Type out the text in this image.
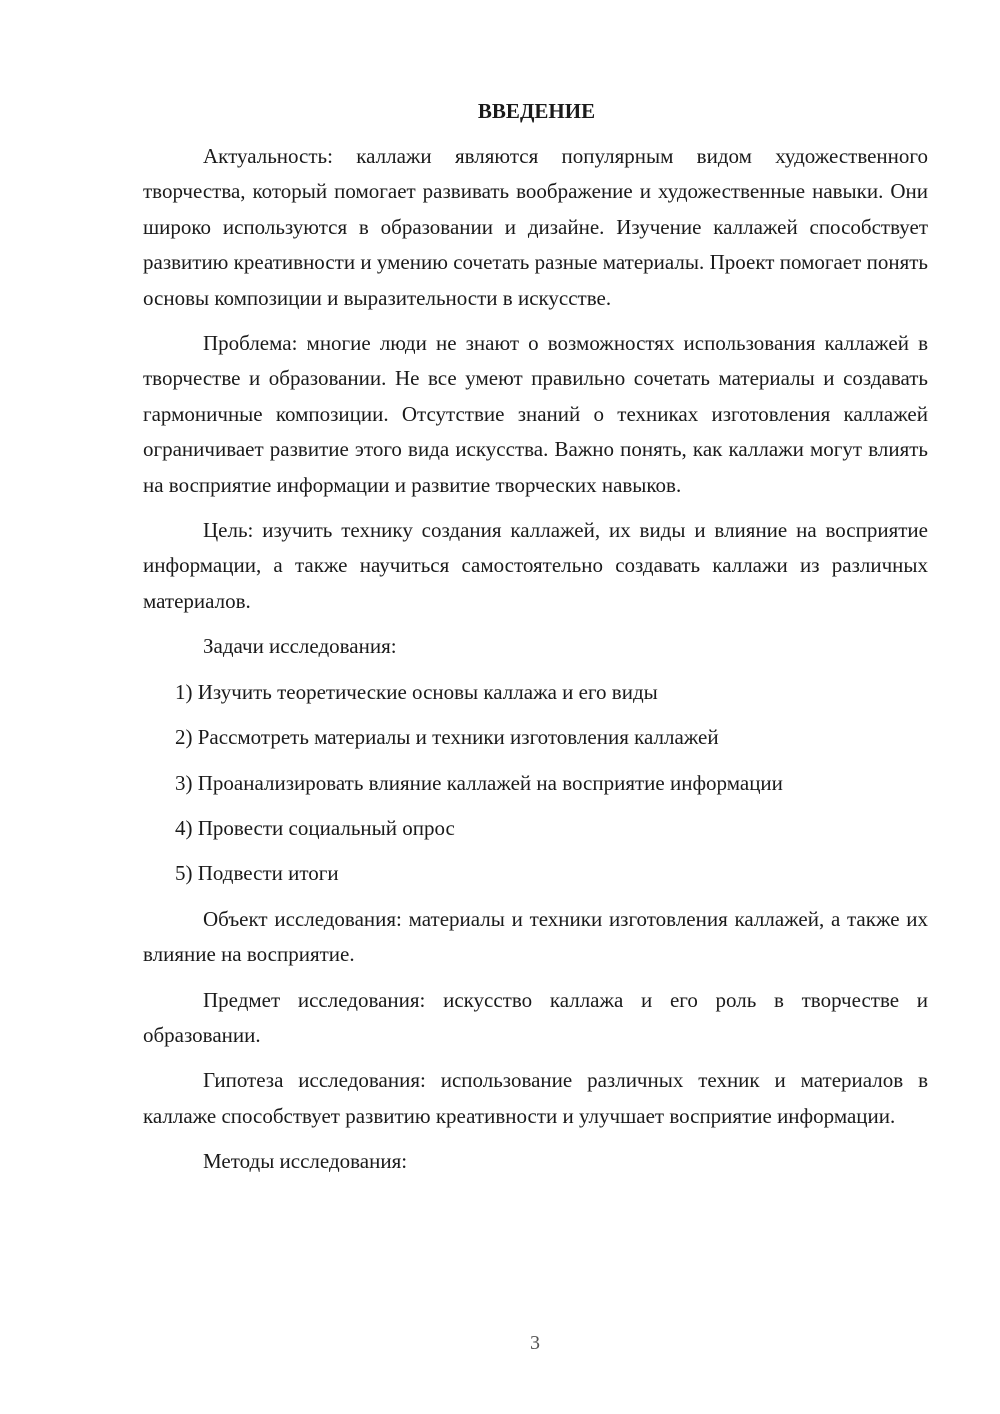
ВВЕДЕНИЕ

Актуальность: каллажи являются популярным видом художественного творчества, который помогает развивать воображение и художественные навыки. Они широко используются в образовании и дизайне. Изучение каллажей способствует развитию креативности и умению сочетать разные материалы. Проект помогает понять основы композиции и выразительности в искусстве.

Проблема: многие люди не знают о возможностях использования каллажей в творчестве и образовании. Не все умеют правильно сочетать материалы и создавать гармоничные композиции. Отсутствие знаний о техниках изготовления каллажей ограничивает развитие этого вида искусства. Важно понять, как каллажи могут влиять на восприятие информации и развитие творческих навыков.

Цель: изучить технику создания каллажей, их виды и влияние на восприятие информации, а также научиться самостоятельно создавать каллажи из различных материалов.

Задачи исследования:

1) Изучить теоретические основы каллажа и его виды
2) Рассмотреть материалы и техники изготовления каллажей
3) Проанализировать влияние каллажей на восприятие информации
4) Провести социальный опрос
5) Подвести итоги

Объект исследования: материалы и техники изготовления каллажей, а также их влияние на восприятие.

Предмет исследования: искусство каллажа и его роль в творчестве и образовании.

Гипотеза исследования: использование различных техник и материалов в каллаже способствует развитию креативности и улучшает восприятие информации.

Методы исследования:

3
